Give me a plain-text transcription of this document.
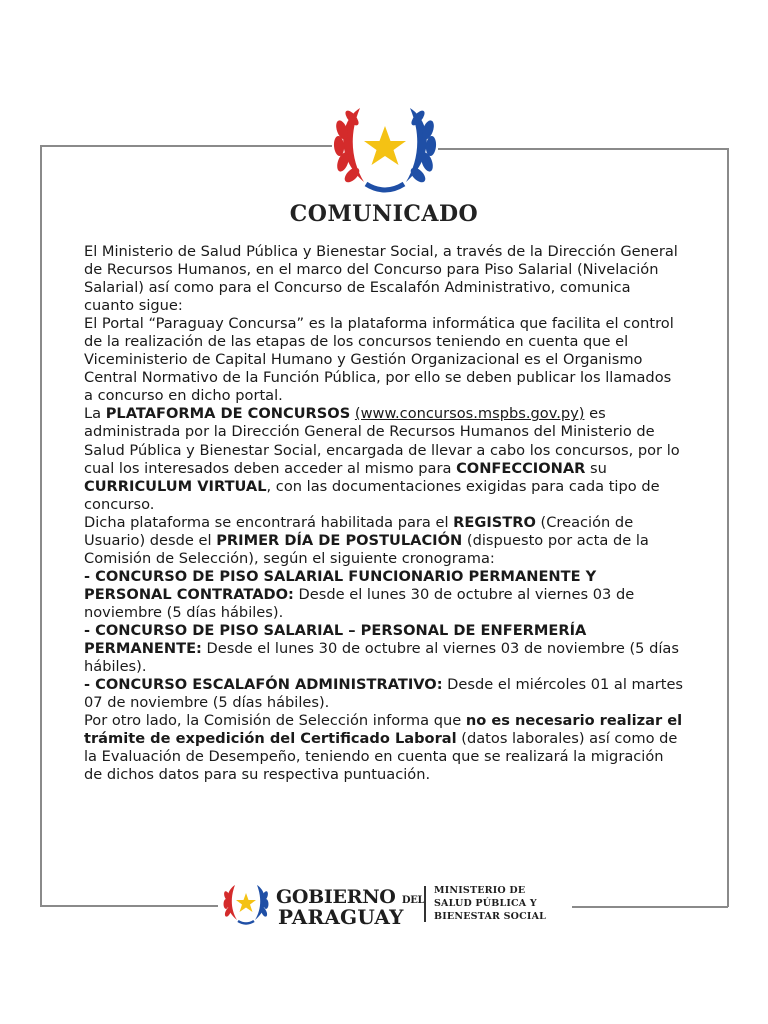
COMUNICADO

El Ministerio de Salud Pública y Bienestar Social, a través de la Dirección General de Recursos Humanos, en el marco del Concurso para Piso Salarial (Nivelación Salarial) así como para el Concurso de Escalafón Administrativo, comunica cuanto sigue:

El Portal “Paraguay Concursa” es la plataforma informática que facilita el control de la realización de las etapas de los concursos teniendo en cuenta que el Viceministerio de Capital Humano y Gestión Organizacional es el Organismo Central Normativo de la Función Pública, por ello se deben publicar los llamados a concurso en dicho portal.

La PLATAFORMA DE CONCURSOS (www.concursos.mspbs.gov.py) es administrada por la Dirección General de Recursos Humanos del Ministerio de Salud Pública y Bienestar Social, encargada de llevar a cabo los concursos, por lo cual los interesados deben acceder al mismo para CONFECCIONAR su CURRICULUM VIRTUAL, con las documentaciones exigidas para cada tipo de concurso.

Dicha plataforma se encontrará habilitada para el REGISTRO (Creación de Usuario) desde el PRIMER DÍA DE POSTULACIÓN (dispuesto por acta de la Comisión de Selección), según el siguiente cronograma:

- CONCURSO DE PISO SALARIAL FUNCIONARIO PERMANENTE Y PERSONAL CONTRATADO: Desde el lunes 30 de octubre al viernes 03 de noviembre (5 días hábiles).

- CONCURSO DE PISO SALARIAL – PERSONAL DE ENFERMERÍA PERMANENTE: Desde el lunes 30 de octubre al viernes 03 de noviembre (5 días hábiles).

- CONCURSO ESCALAFÓN ADMINISTRATIVO: Desde el miércoles 01 al martes 07 de noviembre (5 días hábiles).

Por otro lado, la Comisión de Selección informa que no es necesario realizar el trámite de expedición del Certificado Laboral (datos laborales) así como de la Evaluación de Desempeño, teniendo en cuenta que se realizará la migración de dichos datos para su respectiva puntuación.

GOBIERNO DEL
PARAGUAY
MINISTERIO DE
SALUD PÚBLICA Y
BIENESTAR SOCIAL
